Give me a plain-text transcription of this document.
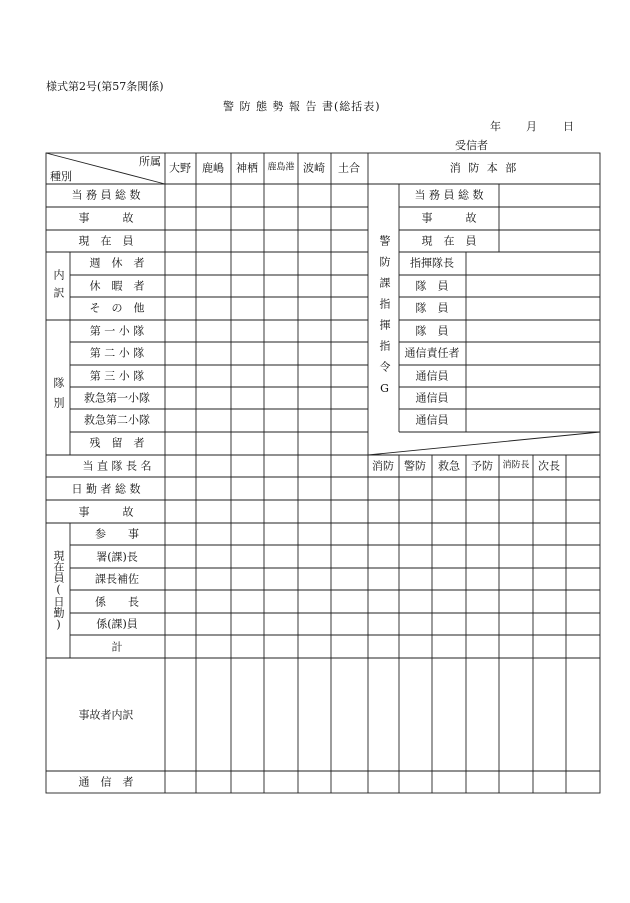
様式第2号(第57条関係)
警 防 態 勢 報 告 書(総括表)
年 月 日
受信者
所属
種別
大野 鹿嶋 神栖 鹿島港 波崎 土合	消 防 本 部
当 務 員 総 数
事　　　故
現　在　員
内訳
週　休　者
休　暇　者
そ　の　他
隊別
第 一 小 隊
第 二 小 隊
第 三 小 隊
救急第一小隊
救急第二小隊
残　留　者
当 直 隊 長 名
日 勤 者 総 数
事　　　故
現在員(日勤)
参　　事
署(課)長
課長補佐
係　　長
係(課)員
計
事故者内訳
通　信　者
警防課指揮指令G
当 務 員 総 数
事　　　故
現　在　員
指揮隊長
隊　員
隊　員
隊　員
通信責任者
通信員
通信員
通信員
消防 警防 救急 予防 消防長 次長
